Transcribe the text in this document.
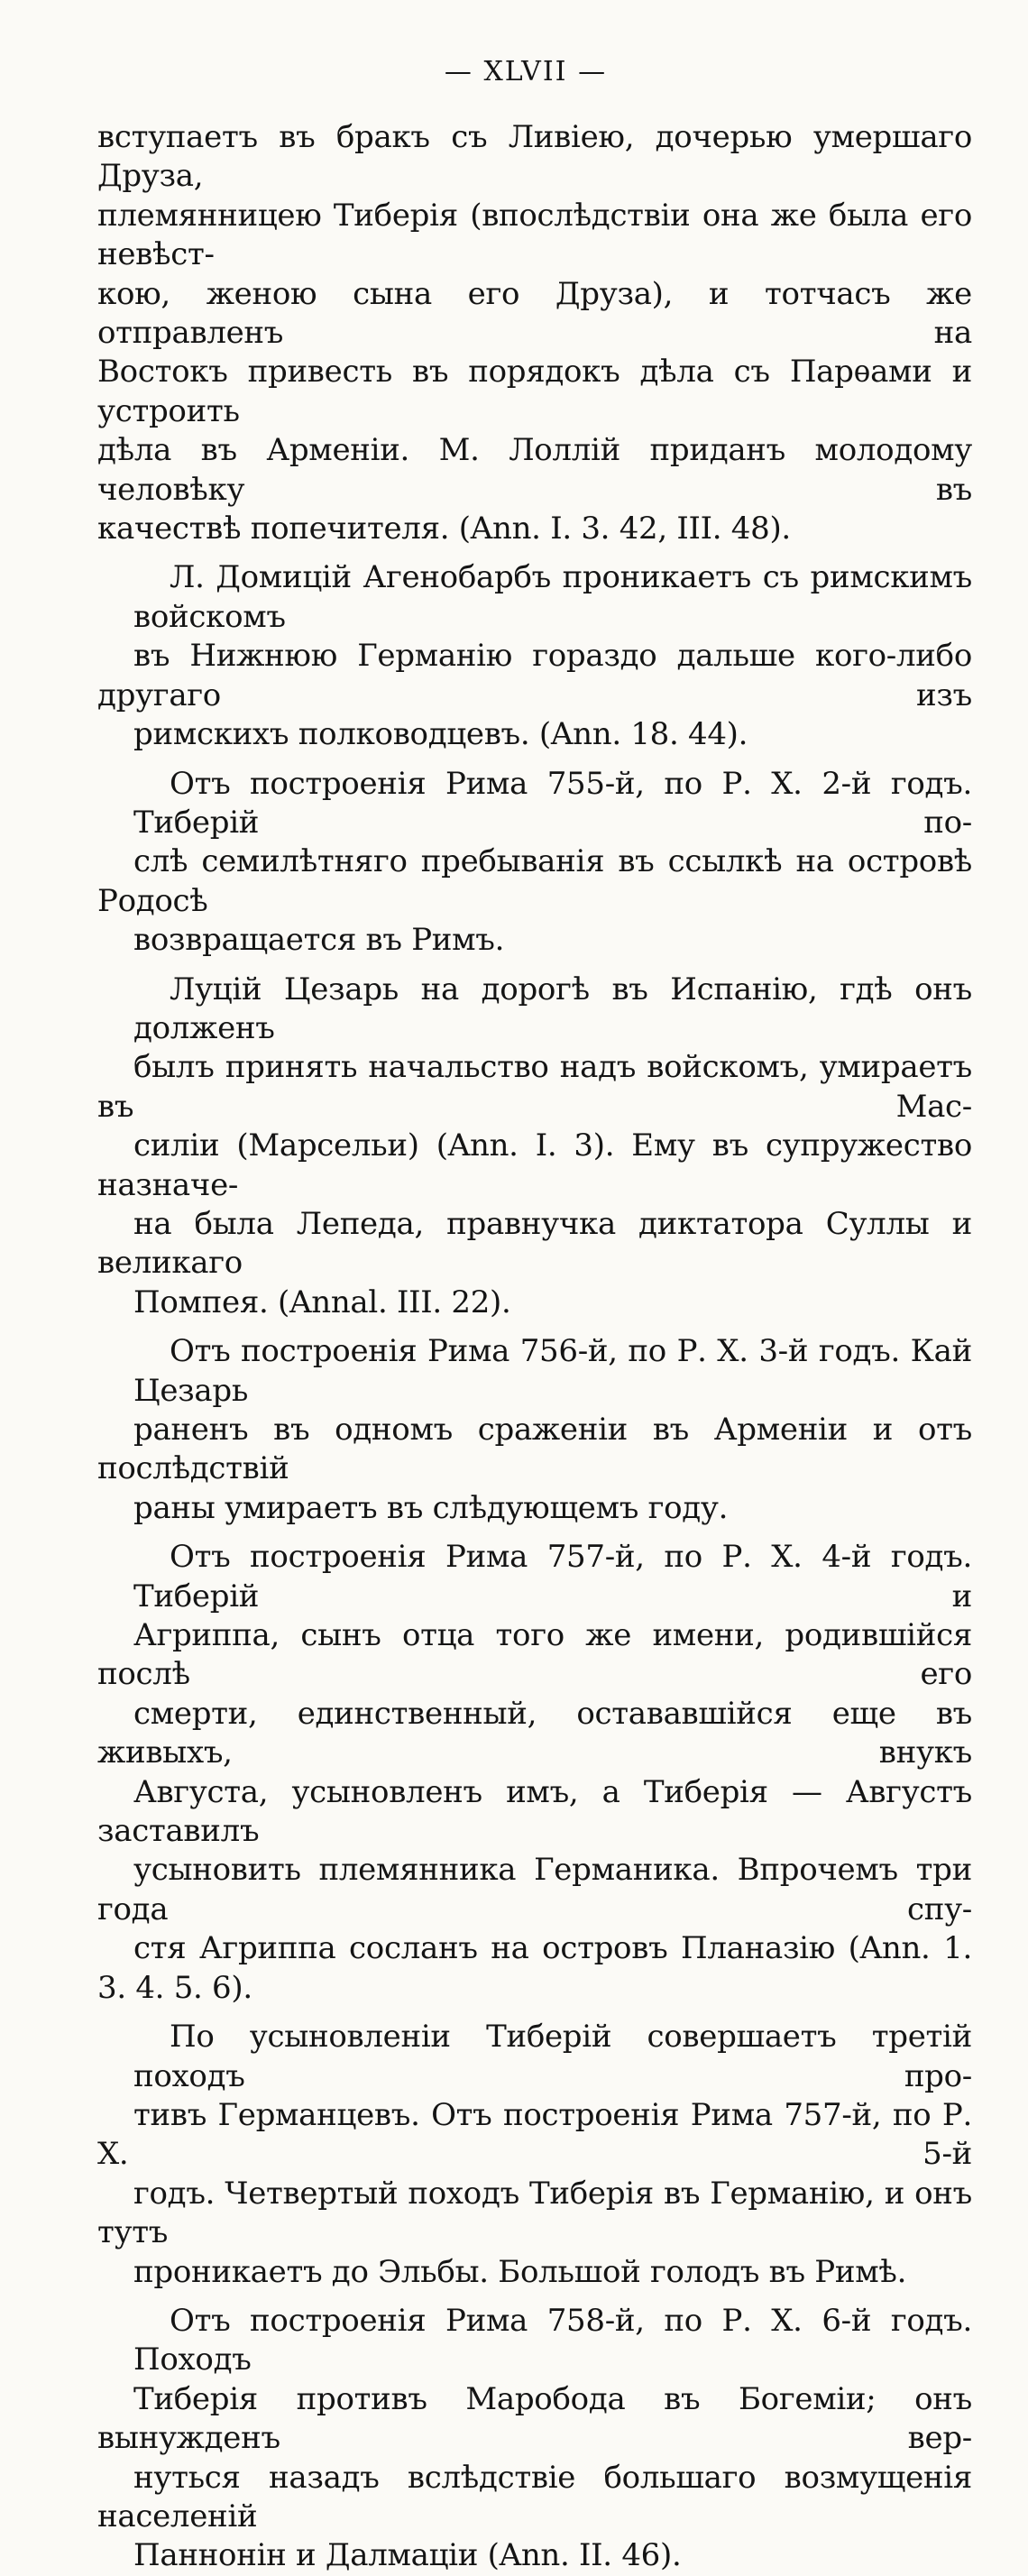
— XLVII —
вступаетъ въ бракъ съ Ливіею, дочерью умершаго Друза,
племянницею Тиберія (впослѣдствіи она же была его невѣст-
кою, женою сына его Друза), и тотчасъ же отправленъ на
Востокъ привесть въ порядокъ дѣла съ Парѳами и устроить
дѣла въ Арменіи. М. Лоллій приданъ молодому человѣку въ
качествѣ попечителя. (Ann. I. 3. 42, III. 48).
Л. Домицій Агенобарбъ проникаетъ съ римскимъ войскомъ
въ Нижнюю Германію гораздо дальше кого-либо другаго изъ
римскихъ полководцевъ. (Ann. 18. 44).
Отъ построенія Рима 755-й, по Р. Х. 2-й годъ. Тиберій по-
слѣ семилѣтняго пребыванія въ ссылкѣ на островѣ Родосѣ
возвращается въ Римъ.
Луцій Цезарь на дорогѣ въ Испанію, гдѣ онъ долженъ
былъ принять начальство надъ войскомъ, умираетъ въ Мас-
силіи (Марсельи) (Ann. I. 3). Ему въ супружество назначе-
на была Лепеда, правнучка диктатора Суллы и великаго
Помпея. (Annal. III. 22).
Отъ построенія Рима 756-й, по Р. Х. 3-й годъ. Кай Цезарь
раненъ въ одномъ сраженіи въ Арменіи и отъ послѣдствій
раны умираетъ въ слѣдующемъ году.
Отъ построенія Рима 757-й, по Р. Х. 4-й годъ. Тиберій и
Агриппа, сынъ отца того же имени, родившійся послѣ его
смерти, единственный, остававшійся еще въ живыхъ, внукъ
Августа, усыновленъ имъ, а Тиберія — Августъ заставилъ
усыновить племянника Германика. Впрочемъ три года спу-
стя Агриппа сосланъ на островъ Планазію (Ann. 1. 3. 4. 5. 6).
По усыновленіи Тиберій совершаетъ третій походъ про-
тивъ Германцевъ. Отъ построенія Рима 757-й, по Р. Х. 5-й
годъ. Четвертый походъ Тиберія въ Германію, и онъ тутъ
проникаетъ до Эльбы. Большой голодъ въ Римѣ.
Отъ построенія Рима 758-й, по Р. Х. 6-й годъ. Походъ
Тиберія противъ Маробода въ Богеміи; онъ вынужденъ вер-
нуться назадъ вслѣдствіе большаго возмущенія населеній
Паннонін и Далмаціи (Ann. II. 46).
